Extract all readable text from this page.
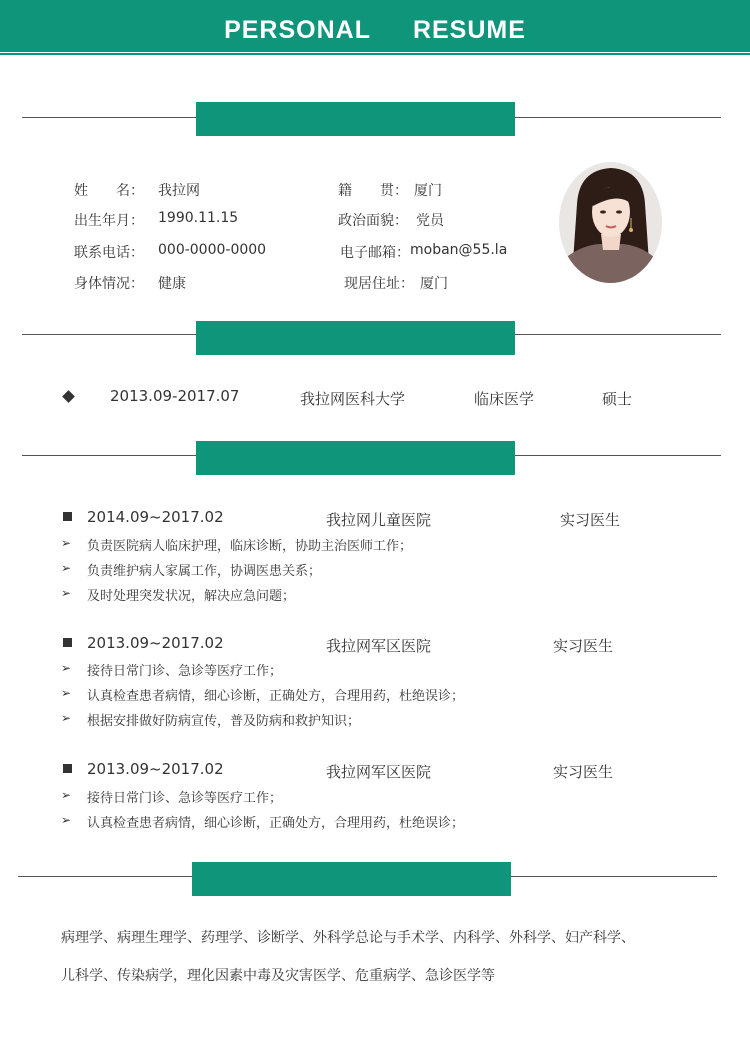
PERSONAL RESUME
姓　　名： 我拉网	籍　　贯： 厦门
出生年月： 1990.11.15	政治面貌： 党员
联系电话： 000-0000-0000	电子邮箱： moban@55.la
身体情况： 健康	现居住址： 厦门
2013.09-2017.07	我拉网医科大学	临床医学	硕士
2014.09~2017.02	我拉网儿童医院	实习医生
➢ 负责医院病人临床护理，临床诊断，协助主治医师工作；
➢ 负责维护病人家属工作，协调医患关系；
➢ 及时处理突发状况，解决应急问题；
2013.09~2017.02	我拉网军区医院	实习医生
➢ 接待日常门诊、急诊等医疗工作；
➢ 认真检查患者病情，细心诊断，正确处方，合理用药，杜绝误诊；
➢ 根据安排做好防病宣传，普及防病和救护知识；
2013.09~2017.02	我拉网军区医院	实习医生
➢ 接待日常门诊、急诊等医疗工作；
➢ 认真检查患者病情，细心诊断，正确处方，合理用药，杜绝误诊；
病理学、病理生理学、药理学、诊断学、外科学总论与手术学、内科学、外科学、妇产科学、
儿科学、传染病学，理化因素中毒及灾害医学、危重病学、急诊医学等
